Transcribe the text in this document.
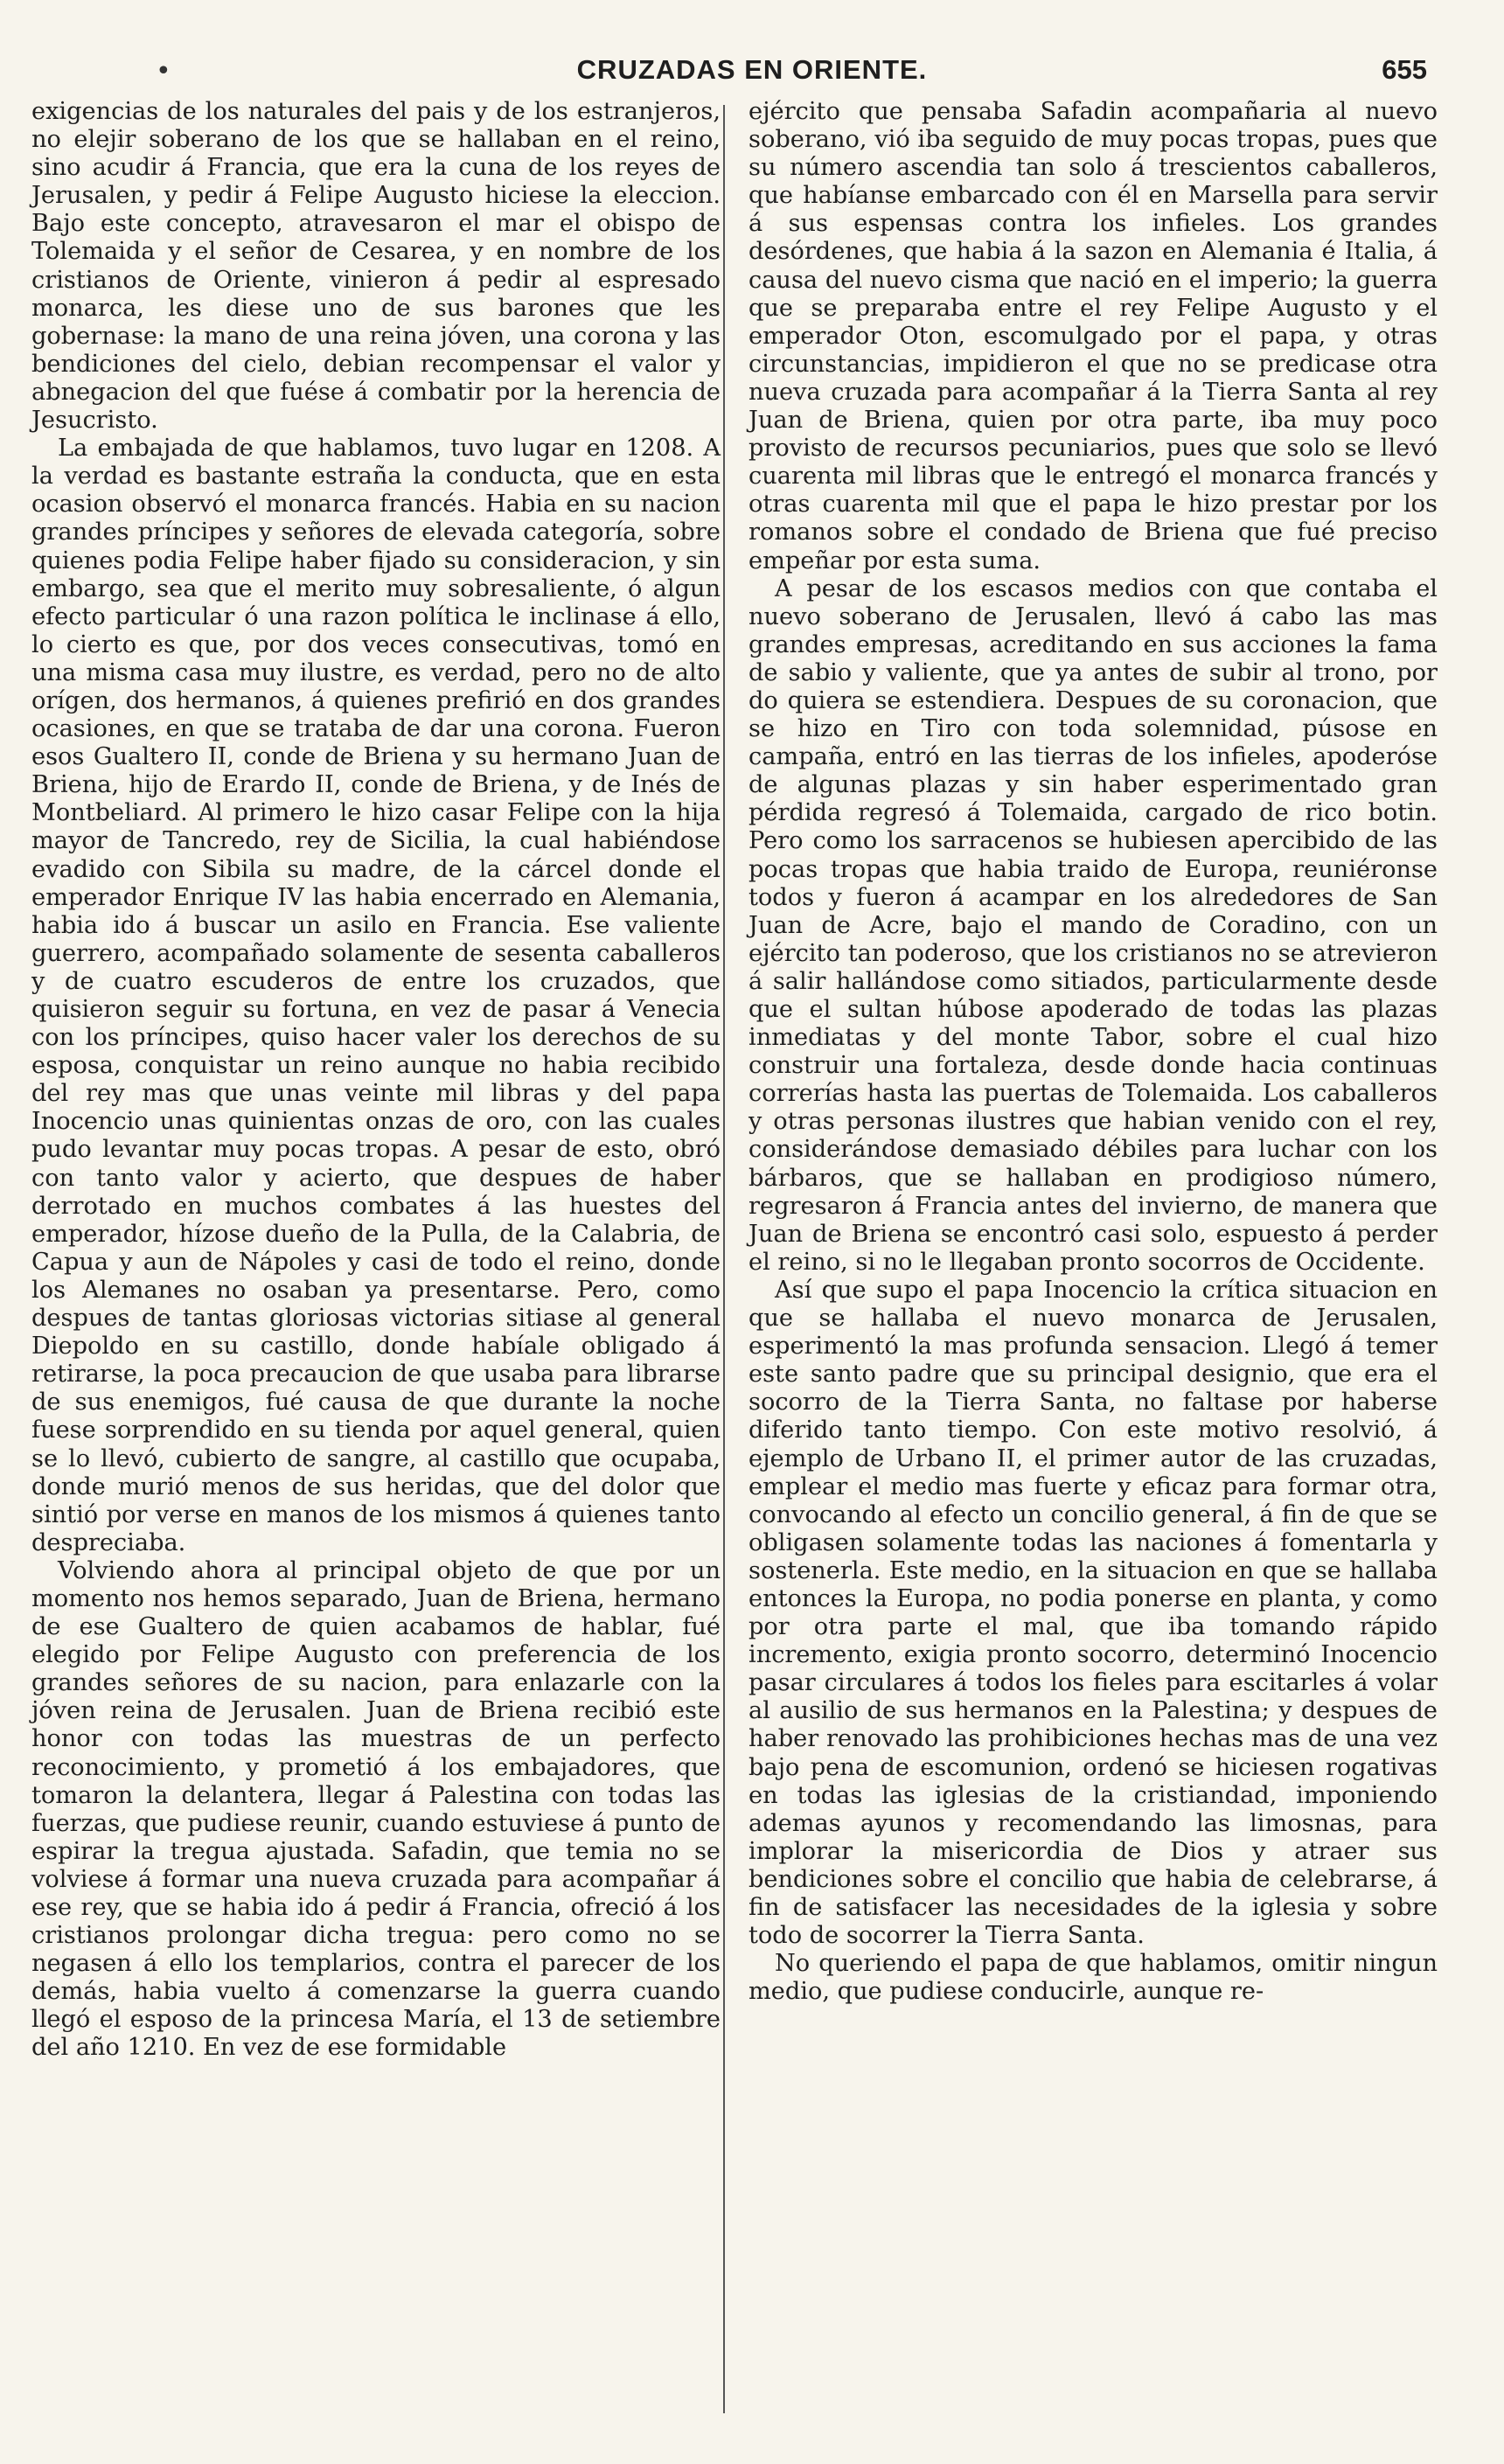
•	CRUZADAS EN ORIENTE.	655

exigencias de los naturales del pais y de los estranjeros, no elejir soberano de los que se hallaban en el reino, sino acudir á Francia, que era la cuna de los reyes de Jerusalen, y pedir á Felipe Augusto hiciese la eleccion. Bajo este concepto, atravesaron el mar el obispo de Tolemaida y el señor de Cesarea, y en nombre de los cristianos de Oriente, vinieron á pedir al espresado monarca, les diese uno de sus barones que les gobernase: la mano de una reina jóven, una corona y las bendiciones del cielo, debian recompensar el valor y abnegacion del que fuése á combatir por la herencia de Jesucristo.

La embajada de que hablamos, tuvo lugar en 1208. A la verdad es bastante estraña la conducta, que en esta ocasion observó el monarca francés. Habia en su nacion grandes príncipes y señores de elevada categoría, sobre quienes podia Felipe haber fijado su consideracion, y sin embargo, sea que el merito muy sobresaliente, ó algun efecto particular ó una razon política le inclinase á ello, lo cierto es que, por dos veces consecutivas, tomó en una misma casa muy ilustre, es verdad, pero no de alto orígen, dos hermanos, á quienes prefirió en dos grandes ocasiones, en que se trataba de dar una corona. Fueron esos Gualtero II, conde de Briena y su hermano Juan de Briena, hijo de Erardo II, conde de Briena, y de Inés de Montbeliard. Al primero le hizo casar Felipe con la hija mayor de Tancredo, rey de Sicilia, la cual habiéndose evadido con Sibila su madre, de la cárcel donde el emperador Enrique IV las habia encerrado en Alemania, habia ido á buscar un asilo en Francia. Ese valiente guerrero, acompañado solamente de sesenta caballeros y de cuatro escuderos de entre los cruzados, que quisieron seguir su fortuna, en vez de pasar á Venecia con los príncipes, quiso hacer valer los derechos de su esposa, conquistar un reino aunque no habia recibido del rey mas que unas veinte mil libras y del papa Inocencio unas quinientas onzas de oro, con las cuales pudo levantar muy pocas tropas. A pesar de esto, obró con tanto valor y acierto, que despues de haber derrotado en muchos combates á las huestes del emperador, hízose dueño de la Pulla, de la Calabria, de Capua y aun de Nápoles y casi de todo el reino, donde los Alemanes no osaban ya presentarse. Pero, como despues de tantas gloriosas victorias sitiase al general Diepoldo en su castillo, donde habíale obligado á retirarse, la poca precaucion de que usaba para librarse de sus enemigos, fué causa de que durante la noche fuese sorprendido en su tienda por aquel general, quien se lo llevó, cubierto de sangre, al castillo que ocupaba, donde murió menos de sus heridas, que del dolor que sintió por verse en manos de los mismos á quienes tanto despreciaba.

Volviendo ahora al principal objeto de que por un momento nos hemos separado, Juan de Briena, hermano de ese Gualtero de quien acabamos de hablar, fué elegido por Felipe Augusto con preferencia de los grandes señores de su nacion, para enlazarle con la jóven reina de Jerusalen. Juan de Briena recibió este honor con todas las muestras de un perfecto reconocimiento, y prometió á los embajadores, que tomaron la delantera, llegar á Palestina con todas las fuerzas, que pudiese reunir, cuando estuviese á punto de espirar la tregua ajustada. Safadin, que temia no se volviese á formar una nueva cruzada para acompañar á ese rey, que se habia ido á pedir á Francia, ofreció á los cristianos prolongar dicha tregua: pero como no se negasen á ello los templarios, contra el parecer de los demás, habia vuelto á comenzarse la guerra cuando llegó el esposo de la princesa María, el 13 de setiembre del año 1210. En vez de ese formidable

ejército que pensaba Safadin acompañaria al nuevo soberano, vió iba seguido de muy pocas tropas, pues que su número ascendia tan solo á trescientos caballeros, que habíanse embarcado con él en Marsella para servir á sus espensas contra los infieles. Los grandes desórdenes, que habia á la sazon en Alemania é Italia, á causa del nuevo cisma que nació en el imperio; la guerra que se preparaba entre el rey Felipe Augusto y el emperador Oton, escomulgado por el papa, y otras circunstancias, impidieron el que no se predicase otra nueva cruzada para acompañar á la Tierra Santa al rey Juan de Briena, quien por otra parte, iba muy poco provisto de recursos pecuniarios, pues que solo se llevó cuarenta mil libras que le entregó el monarca francés y otras cuarenta mil que el papa le hizo prestar por los romanos sobre el condado de Briena que fué preciso empeñar por esta suma.

A pesar de los escasos medios con que contaba el nuevo soberano de Jerusalen, llevó á cabo las mas grandes empresas, acreditando en sus acciones la fama de sabio y valiente, que ya antes de subir al trono, por do quiera se estendiera. Despues de su coronacion, que se hizo en Tiro con toda solemnidad, púsose en campaña, entró en las tierras de los infieles, apoderóse de algunas plazas y sin haber esperimentado gran pérdida regresó á Tolemaida, cargado de rico botin. Pero como los sarracenos se hubiesen apercibido de las pocas tropas que habia traido de Europa, reuniéronse todos y fueron á acampar en los alrededores de San Juan de Acre, bajo el mando de Coradino, con un ejército tan poderoso, que los cristianos no se atrevieron á salir hallándose como sitiados, particularmente desde que el sultan húbose apoderado de todas las plazas inmediatas y del monte Tabor, sobre el cual hizo construir una fortaleza, desde donde hacia continuas correrías hasta las puertas de Tolemaida. Los caballeros y otras personas ilustres que habian venido con el rey, considerándose demasiado débiles para luchar con los bárbaros, que se hallaban en prodigioso número, regresaron á Francia antes del invierno, de manera que Juan de Briena se encontró casi solo, espuesto á perder el reino, si no le llegaban pronto socorros de Occidente.

Así que supo el papa Inocencio la crítica situacion en que se hallaba el nuevo monarca de Jerusalen, esperimentó la mas profunda sensacion. Llegó á temer este santo padre que su principal designio, que era el socorro de la Tierra Santa, no faltase por haberse diferido tanto tiempo. Con este motivo resolvió, á ejemplo de Urbano II, el primer autor de las cruzadas, emplear el medio mas fuerte y eficaz para formar otra, convocando al efecto un concilio general, á fin de que se obligasen solamente todas las naciones á fomentarla y sostenerla. Este medio, en la situacion en que se hallaba entonces la Europa, no podia ponerse en planta, y como por otra parte el mal, que iba tomando rápido incremento, exigia pronto socorro, determinó Inocencio pasar circulares á todos los fieles para escitarles á volar al ausilio de sus hermanos en la Palestina; y despues de haber renovado las prohibiciones hechas mas de una vez bajo pena de escomunion, ordenó se hiciesen rogativas en todas las iglesias de la cristiandad, imponiendo ademas ayunos y recomendando las limosnas, para implorar la misericordia de Dios y atraer sus bendiciones sobre el concilio que habia de celebrarse, á fin de satisfacer las necesidades de la iglesia y sobre todo de socorrer la Tierra Santa.

No queriendo el papa de que hablamos, omitir ningun medio, que pudiese conducirle, aunque re-
